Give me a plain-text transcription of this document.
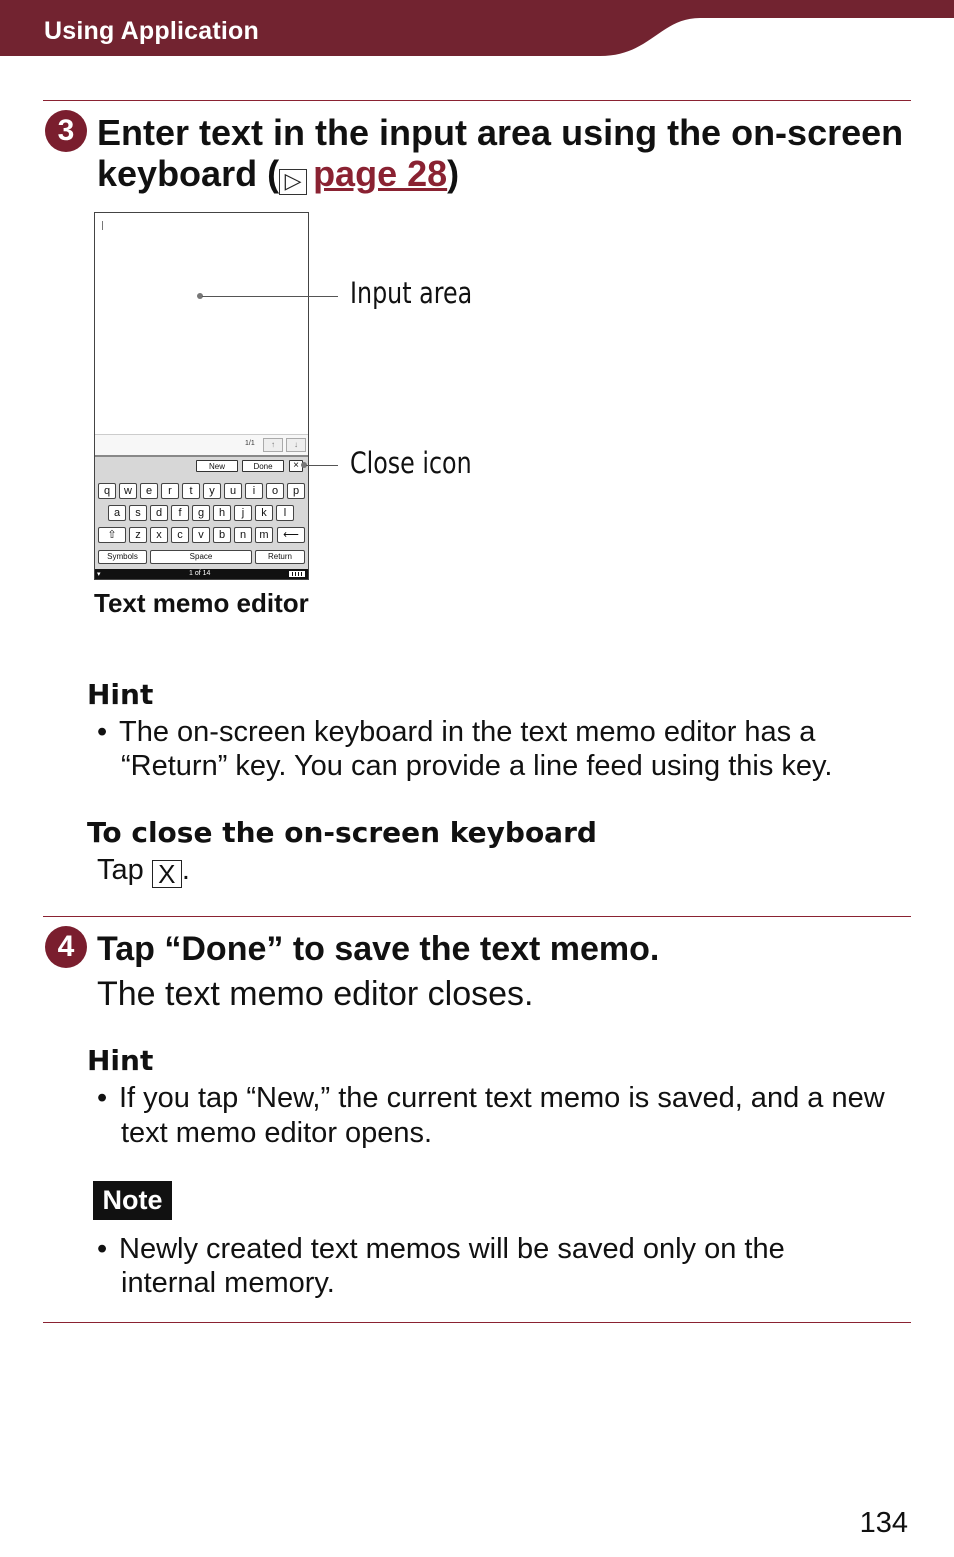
Using Application
3 Enter text in the input area using the on-screen
keyboard ( ▷ page 28)
1/1	↑	↓
New	Done	×
q	w	e	r	t	y	u	i	o	p
a	s	d	f	g	h	j	k	l
⇧	z	x	c	v	b	n	m	⟵
Symbols	Space	Return
▾	1 of 14
Input area
Close icon
Text memo editor
Hint
• The on-screen keyboard in the text memo editor has a
“Return” key. You can provide a line feed using this key.
To close the on-screen keyboard
Tap X .
4 Tap “Done” to save the text memo.
The text memo editor closes.
Hint
• If you tap “New,” the current text memo is saved, and a new
text memo editor opens.
Note
• Newly created text memos will be saved only on the
internal memory.
134
